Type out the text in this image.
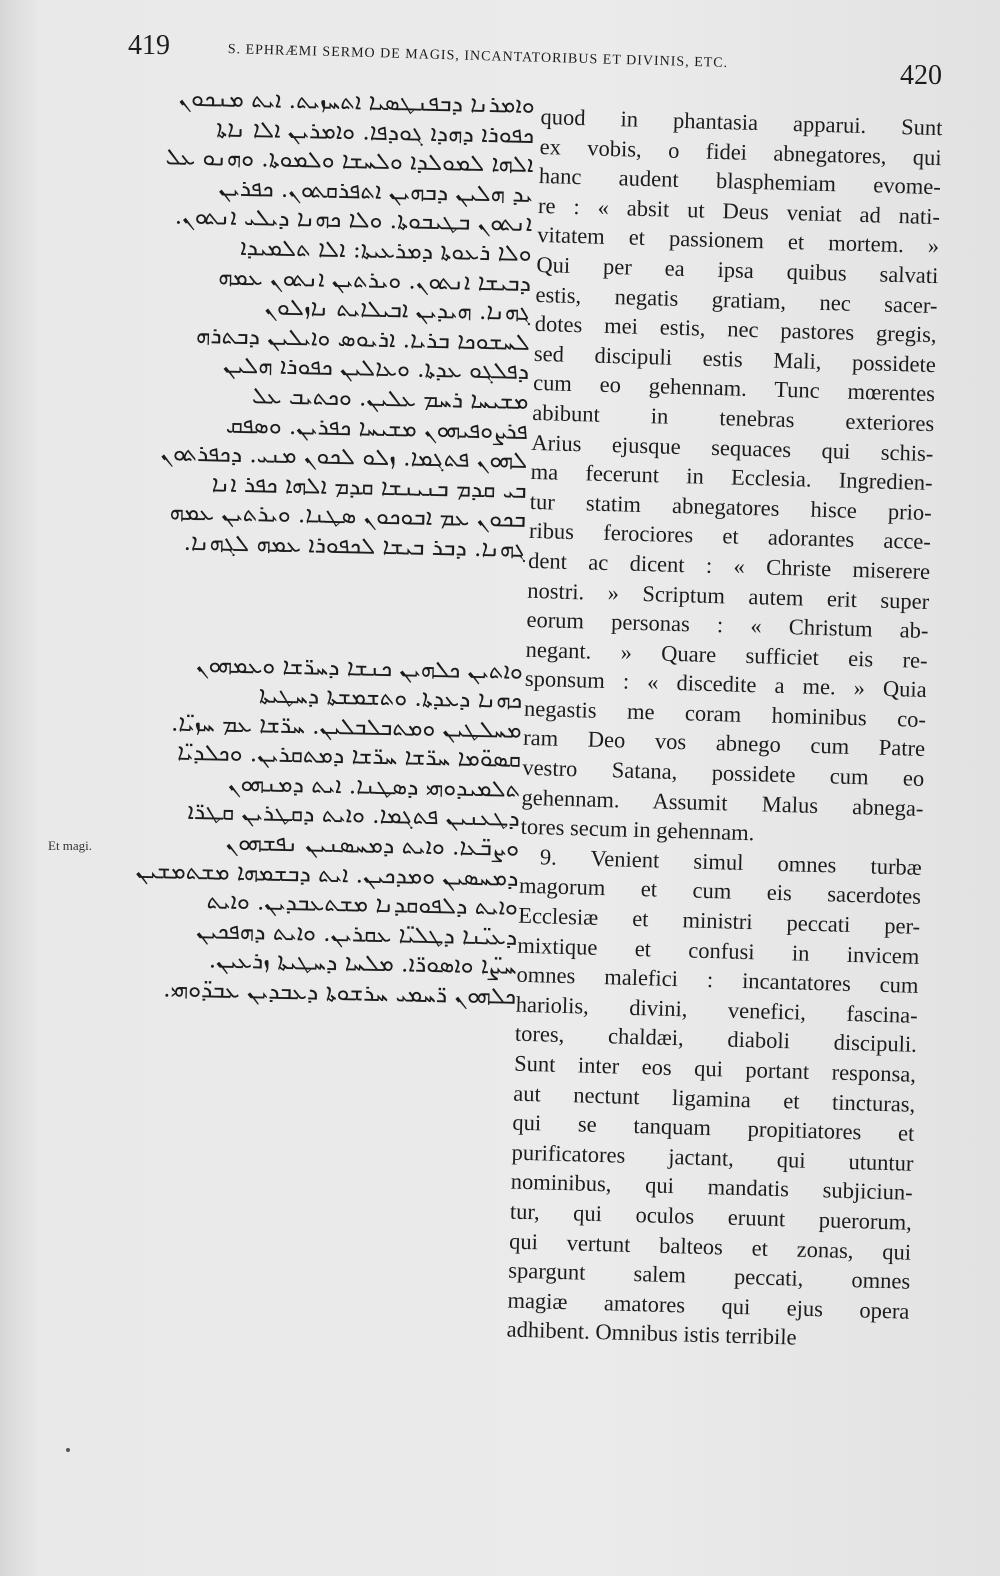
419	S. EPHRÆMI SERMO DE MAGIS, INCANTATORIBUS ET DIVINIS, ETC.
420
ܘܐܡܪܢܐ ܕܒܦܢܛܣܝܐ ܐܬܚܙܝܬ. ܐܝܬ ܡܢܟܘܢ
ܟܦܘܪܐ ܕܗܕܐ ܓܘܕܦܐ. ܘܐܡܪܝܢ ܐܠܐ ܢܐܬܐ
ܐܠܗܐ ܠܡܘܠܕܐ ܘܠܚܫܐ ܘܠܡܘܬܐ. ܘܗܢܘ ܥܠ
ܝܕ ܗܠܝܢ ܕܒܗܝܢ ܐܬܦܪܩܬܘܢ. ܟܦܪܝܢ
ܐܢܬܘܢ ܒܛܝܒܘܬܐ. ܘܠܐ ܟܗܢܐ ܕܝܠܝ ܐܢܬܘܢ.
ܘܠܐ ܪܥܘܬܐ ܕܡܪܥܝܬܐ: ܐܠܐ ܬܠܡܝܕܐ
ܕܒܝܫܐ ܐܢܬܘܢ. ܘܝܪܬܝܢ ܐܢܬܘܢ ܥܡܗ
ܓܗܢܐ. ܗܝܕܝܢ ܐܒܝܠܐܝܬ ܢܐܙܠܘܢ
ܠܚܫܘܟܐ ܒܪܝܐ. ܐܪܝܘܣ ܘܐܝܠܝܢ ܕܒܬܪܗ
ܕܦܠܓܘ ܥܕܬܐ. ܘܥܐܠܝܢ ܟܦܘܪܐ ܗܠܝܢ
ܡܫܝܚܐ ܪܚܡ ܥܠܝܢ. ܘܟܬܝܒ ܥܠ
ܦܪܨܘܦܝܗܘܢ ܡܫܝܚܐ ܟܦܪܝܢ. ܘܣܦܩ
ܠܗܘܢ ܦܬܓܡܐ. ܙܠܘ ܠܟܘܢ ܡܢܝ. ܕܟܦܪܬܘܢ
ܒܝ ܩܕܡ ܒܢܝܢܫܐ ܩܕܡ ܐܠܗܐ ܟܦܪ ܐܢܐ
ܒܟܘܢ ܥܡ ܐܒܘܟܘܢ ܣܛܢܐ. ܘܝܪܬܝܢ ܥܡܗ
ܓܗܢܐ. ܕܒܪ ܒܝܫܐ ܠܟܦܘܪܐ ܥܡܗ ܠܓܗܢܐ.
ܘܐܬܝܢ ܟܠܗܝܢ ܟܢܫܐ ܕܚܪ̈ܫܐ ܘܥܡܗܘܢ
ܟܗܢܐ ܕܥܕܬܐ. ܘܬܫܡܫܬܐ ܕܚܛܝܬܐ
ܡܚܠܛܝܢ ܘܡܬܒܠܒܠܝܢ. ܚܪ̈ܫܐ ܥܡ ܚܙܝ̈ܐ.
ܩܣܘ̈ܡܐ ܚܪ̈ܫܐ ܚܪ̈ܫܐ ܕܡܬܩܪܝܢ. ܘܟܠܕܝ̈ܐ
ܬܠܡܝܕܘܗܝ ܕܣܛܢܐ. ܐܝܬ ܕܡܢܗܘܢ
ܕܛܥܢܝܢ ܦܬܓܡܐ. ܘܐܝܬ ܕܩܛܪܝܢ ܩܛܪ̈ܐ
ܘܨܒ̈ܥܐ. ܘܐܝܬ ܕܡܚܣܢܝܢ ܢܦܫܗܘܢ
ܕܡܚܣܝܢ ܘܡܕܟܝܢ. ܐܝܬ ܕܒܫܡܗܐ ܡܫܬܡܫܝܢ
ܘܐܝܬ ܕܠܦܘܩܕܢܐ ܡܫܬܥܒܕܝܢ. ܘܐܝܬ
ܕܥܝ̈ܢܐ ܕܛܠܝ̈ܐ ܥܩܪܝܢ. ܘܐܝܬ ܕܗܦܟܝܢ
ܚܨ̈ܐ ܘܐܣܘܪ̈ܐ. ܡܠܚܐ ܕܚܛܝܬܐ ܙܪܥܝܢ.
ܟܠܗܘܢ ܪ̈ܚܡܝ ܚܪܫܘܬܐ ܕܥܒܕܝܢ ܥܒܕ̈ܘܗܝ.
Et magi.
quod in phantasia apparui. Sunt
ex vobis, o fidei abnegatores, qui
hanc audent blasphemiam evome-
re : « absit ut Deus veniat ad nati-
vitatem et passionem et mortem. »
Qui per ea ipsa quibus salvati
estis, negatis gratiam, nec sacer-
dotes mei estis, nec pastores gregis,
sed discipuli estis Mali, possidete
cum eo gehennam. Tunc mœrentes
abibunt in tenebras exteriores
Arius ejusque sequaces qui schis-
ma fecerunt in Ecclesia. Ingredien-
tur statim abnegatores hisce prio-
ribus ferociores et adorantes acce-
dent ac dicent : « Christe miserere
nostri. » Scriptum autem erit super
eorum personas : « Christum ab-
negant. » Quare sufficiet eis re-
sponsum : « discedite a me. » Quia
negastis me coram hominibus co-
ram Deo vos abnego cum Patre
vestro Satana, possidete cum eo
gehennam. Assumit Malus abnega-
tores secum in gehennam.
9. Venient simul omnes turbæ
magorum et cum eis sacerdotes
Ecclesiæ et ministri peccati per-
mixtique et confusi in invicem
omnes malefici : incantatores cum
hariolis, divini, venefici, fascina-
tores, chaldæi, diaboli discipuli.
Sunt inter eos qui portant responsa,
aut nectunt ligamina et tincturas,
qui se tanquam propitiatores et
purificatores jactant, qui utuntur
nominibus, qui mandatis subjiciun-
tur, qui oculos eruunt puerorum,
qui vertunt balteos et zonas, qui
spargunt salem peccati, omnes
magiæ amatores qui ejus opera
adhibent. Omnibus istis terribile
